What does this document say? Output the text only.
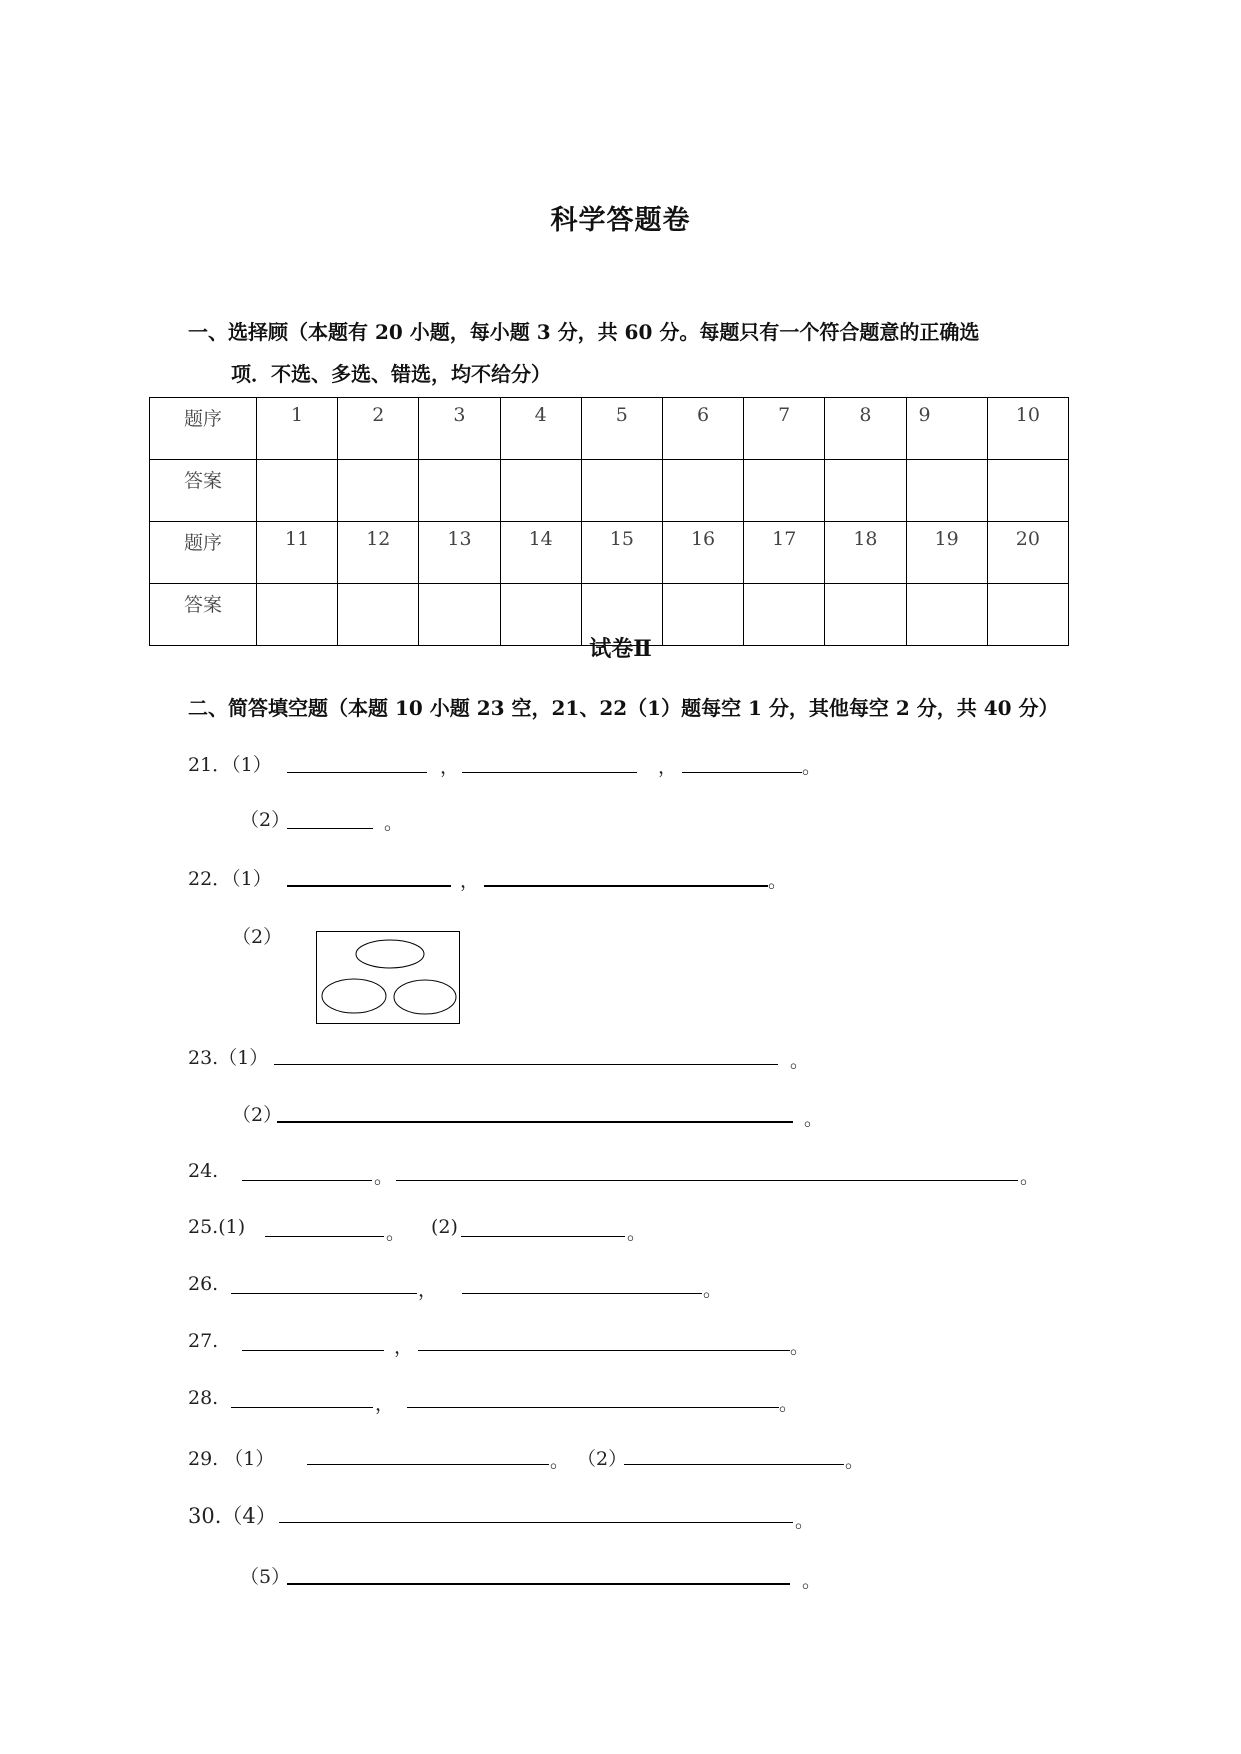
科学答题卷
一、选择顾（本题有 20 小题，每小题 3 分，共 60 分。每题只有一个符合题意的正确选
项．不选、多选、错选，均不给分）
题序	1	2	3	4	5	6	7	8	9	10
答案										
题序	11	12	13	14	15	16	17	18	19	20
答案										
试卷Ⅱ
二、简答填空题（本题 10 小题 23 空，21、22（1）题每空 1 分，其他每空 2 分，共 40 分）
21．（1）	，	，	。
（2）	。
22．（1）	，	。
（2）
23.（1）	。
（2）	。
24.	。	。
25.(1)	。 (2)	。
26.	，	。
27.	，	。
28.	，	。
29. （1）	。 （2）	。
30.（4）	。
（5）	。
